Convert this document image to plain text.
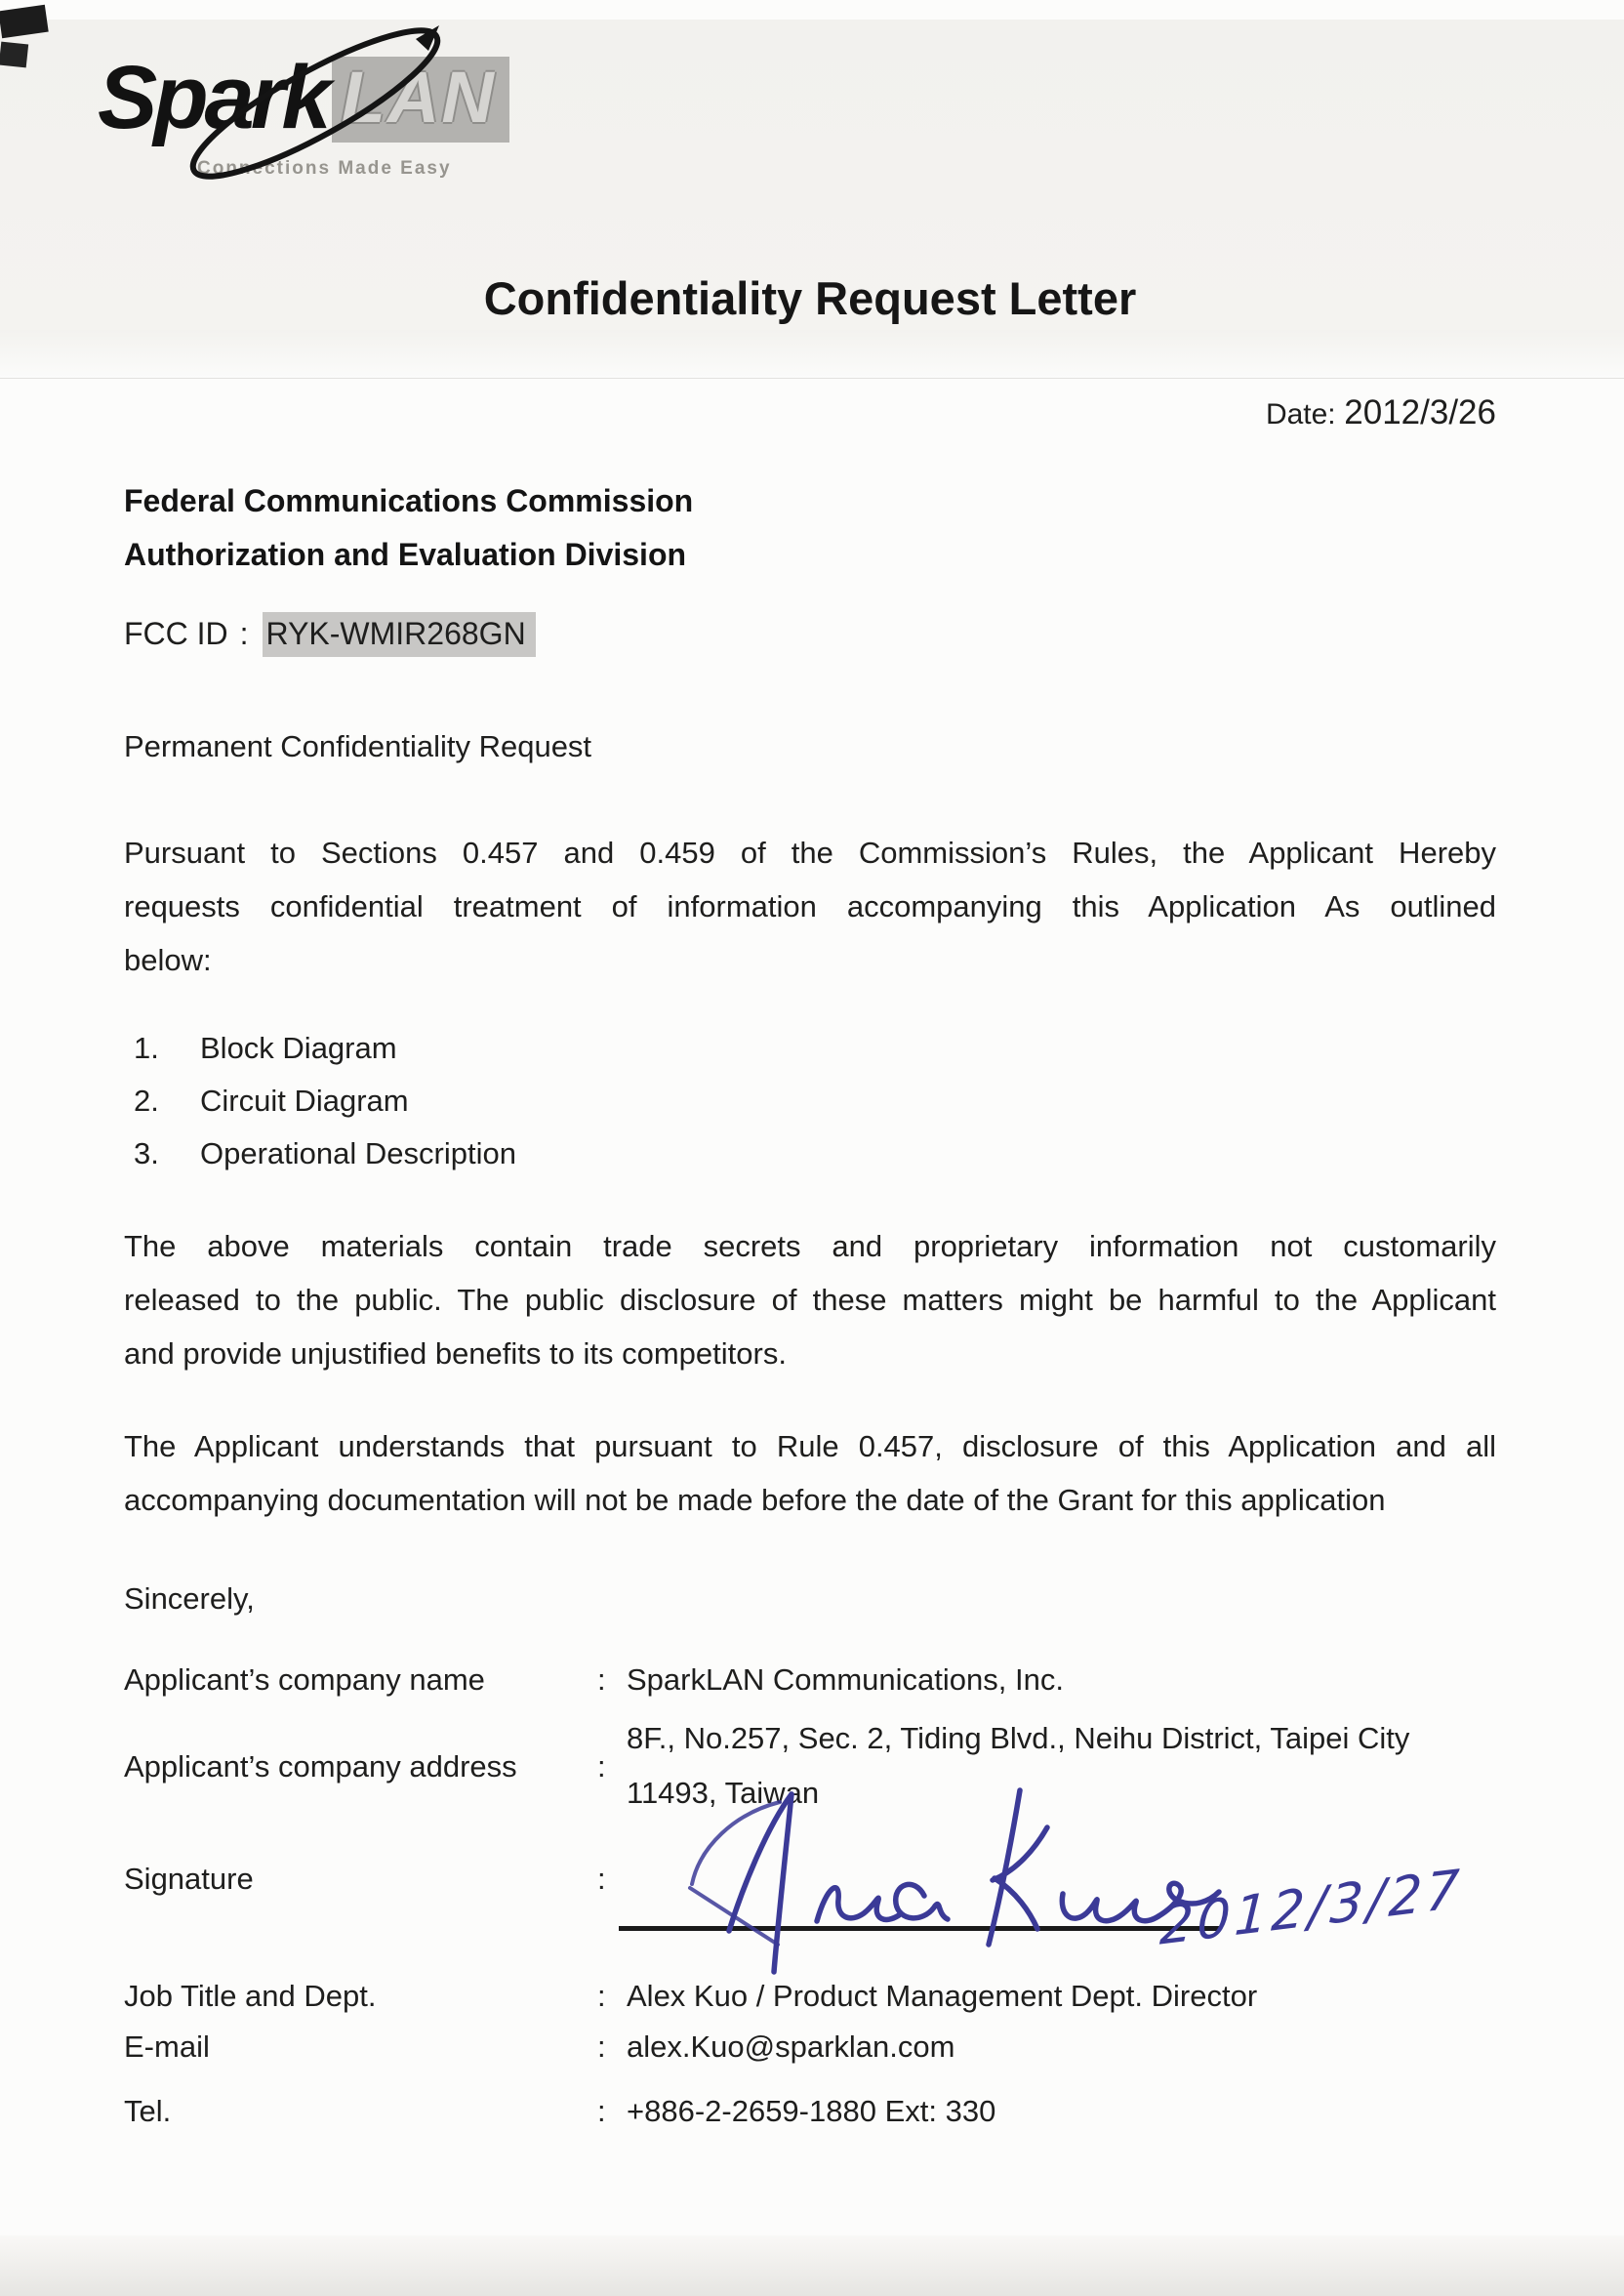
Spark LAN
Connections Made Easy
Confidentiality Request Letter
Date: 2012/3/26
Federal Communications Commission
Authorization and Evaluation Division
FCC ID : RYK-WMIR268GN
Permanent Confidentiality Request
Pursuant to Sections 0.457 and 0.459 of the Commission’s Rules, the Applicant Hereby
requests confidential treatment of information accompanying this Application As outlined
below:
1.	Block Diagram
2.	Circuit Diagram
3.	Operational Description
The above materials contain trade secrets and proprietary information not customarily
released to the public. The public disclosure of these matters might be harmful to the Applicant
and provide unjustified benefits to its competitors.
The Applicant understands that pursuant to Rule 0.457, disclosure of this Application and all
accompanying documentation will not be made before the date of the Grant for this application
Sincerely,
Applicant’s company name	: SparkLAN Communications, Inc.
Applicant’s company address	:
8F., No.257, Sec. 2, Tiding Blvd., Neihu District, Taipei City
11493, Taiwan
Signature	:	2012/3/27
Job Title and Dept.	: Alex Kuo / Product Management Dept. Director
E-mail	: alex.Kuo@sparklan.com
Tel.	: +886-2-2659-1880 Ext: 330
